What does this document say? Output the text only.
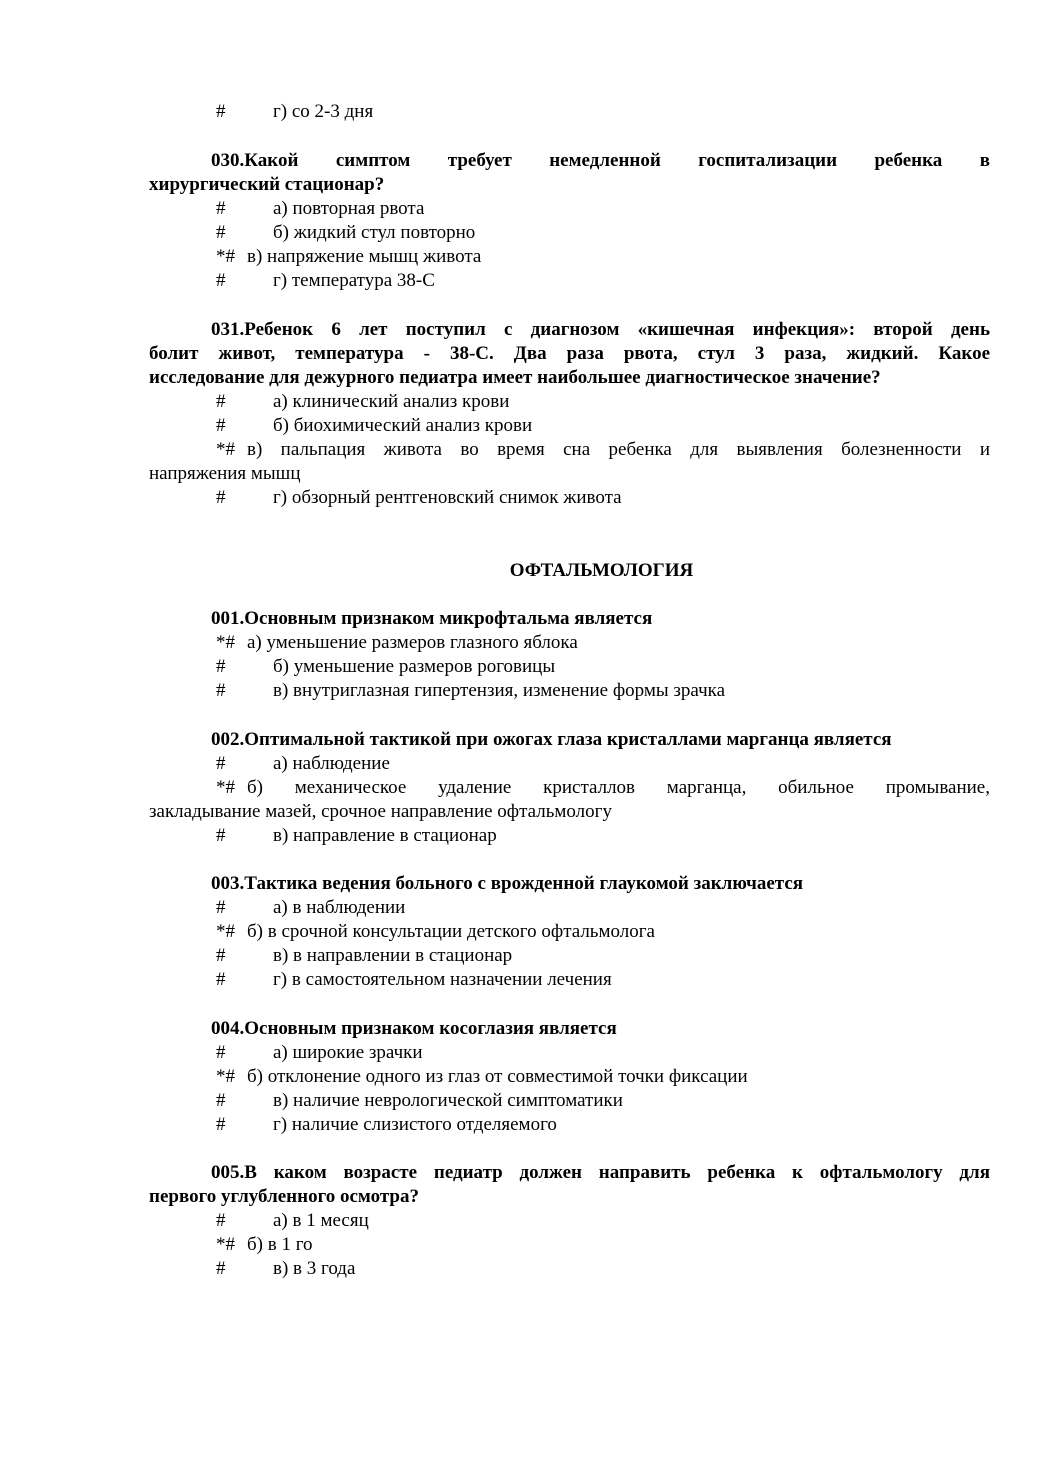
#	г) со 2-3 дня
030.Какой симптом требует немедленной госпитализации ребенка в
хирургический стационар?
#	а) повторная рвота
#	б) жидкий стул повторно
*# в) напряжение мышц живота
#	г) температура 38-С
031.Ребенок 6 лет поступил с диагнозом «кишечная инфекция»: второй день
болит живот, температура - 38-С. Два раза рвота, стул 3 раза, жидкий. Какое
исследование для дежурного педиатра имеет наибольшее диагностическое значение?
#	а) клинический анализ крови
#	б) биохимический анализ крови
*# в) пальпация живота во время сна ребенка для выявления болезненности и
напряжения мышц
#	г) обзорный рентгеновский снимок живота
ОФТАЛЬМОЛОГИЯ
001.Основным признаком микрофтальма является
*# а) уменьшение размеров глазного яблока
#	б) уменьшение размеров роговицы
#	в) внутриглазная гипертензия, изменение формы зрачка
002.Оптимальной тактикой при ожогах глаза кристаллами марганца является
#	а) наблюдение
*# б) механическое удаление кристаллов марганца, обильное промывание,
закладывание мазей, срочное направление офтальмологу
#	в) направление в стационар
003.Тактика ведения больного с врожденной глаукомой заключается
#	а) в наблюдении
*# б) в срочной консультации детского офтальмолога
#	в) в направлении в стационар
#	г) в самостоятельном назначении лечения
004.Основным признаком косоглазия является
#	а) широкие зрачки
*# б) отклонение одного из глаз от совместимой точки фиксации
#	в) наличие неврологической симптоматики
#	г) наличие слизистого отделяемого
005.В каком возрасте педиатр должен направить ребенка к офтальмологу для
первого углубленного осмотра?
#	а) в 1 месяц
*# б) в 1 го
#	в) в 3 года
